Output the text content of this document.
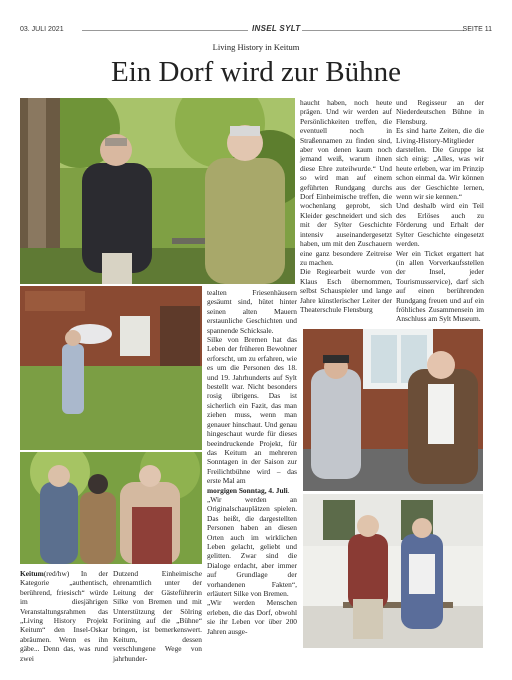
03. JULI 2021	INSEL SYLT	SEITE 11
Living History in Keitum
Ein Dorf wird zur Bühne

Keitum(red/hw) In der Kategorie „authentisch, berührend, friesisch“ würde im diesjährigen Veranstaltungsrahmen das „Living History Projekt Keitum“ den Insel-Oskar abräumen. Wenn es ihn gäbe... Denn das, was rund zwei

Dutzend Einheimische ehrenamtlich unter der Leitung der Gästeführerin Silke von Bremen und mit Unterstützung der Sölring Foriining auf die „Bühne“ bringen, ist bemerkenswert. Keitum, dessen verschlungene Wege von jahrhunder-

tealten Friesenhäusern gesäumt sind, hütet hinter seinen alten Mauern erstaunliche Geschichten und spannende Schicksale.

Silke von Bremen hat das Leben der früheren Bewohner erforscht, um zu erfahren, wie es um die Personen des 18. und 19. Jahrhunderts auf Sylt bestellt war. Nicht besonders rosig übrigens. Das ist sicherlich ein Fazit, das man ziehen muss, wenn man genauer hinschaut. Und genau hingeschaut wurde für dieses beeindruckende Projekt, für das Keitum an mehreren Sonntagen in der Saison zur Freilichtbühne wird – das erste Mal am

morgigen Sonntag, 4. Juli.

„Wir werden an Originalschauplätzen spielen. Das heißt, die dargestellten Personen haben an diesen Orten auch im wirklichen Leben gelacht, geliebt und gelitten. Zwar sind die Dialoge erdacht, aber immer auf Grundlage der vorhandenen Fakten“, erläutert Silke von Bremen.

„Wir werden Menschen erleben, die das Dorf, obwohl sie ihr Leben vor über 200 Jahren ausge-

haucht haben, noch heute prägen. Und wir werden auf Persönlichkeiten treffen, die eventuell noch in Straßennamen zu finden sind, aber von denen kaum noch jemand weiß, warum ihnen diese Ehre zuteilwurde.“ Und so wird man auf einem geführten Rundgang durchs Dorf Einheimische treffen, die wochenlang geprobt, sich Kleider geschneidert und sich mit der Sylter Geschichte intensiv auseinandergesetzt haben, um mit den Zuschauern eine ganz besondere Zeitreise zu machen.

Die Regiearbeit wurde von Klaus Esch übernommen, selbst Schauspieler und lange Jahre künstlerischer Leiter der Theaterschule Flensburg

und Regisseur an der Niederdeutschen Bühne in Flensburg.

Es sind harte Zeiten, die die Living-History-Mitglieder darstellen. Die Gruppe ist sich einig: „Alles, was wir heute erleben, war im Prinzip schon einmal da. Wir können aus der Geschichte lernen, wenn wir sie kennen.“

Und deshalb wird ein Teil des Erlöses auch zu Förderung und Erhalt der Sylter Geschichte eingesetzt werden.

Wer ein Ticket ergattert hat (in allen Vorverkaufsstellen der Insel, jeder Tourismusservice), darf sich auf einen berührenden Rundgang freuen und auf ein fröhliches Zusammensein im Anschluss am Sylt Museum.
